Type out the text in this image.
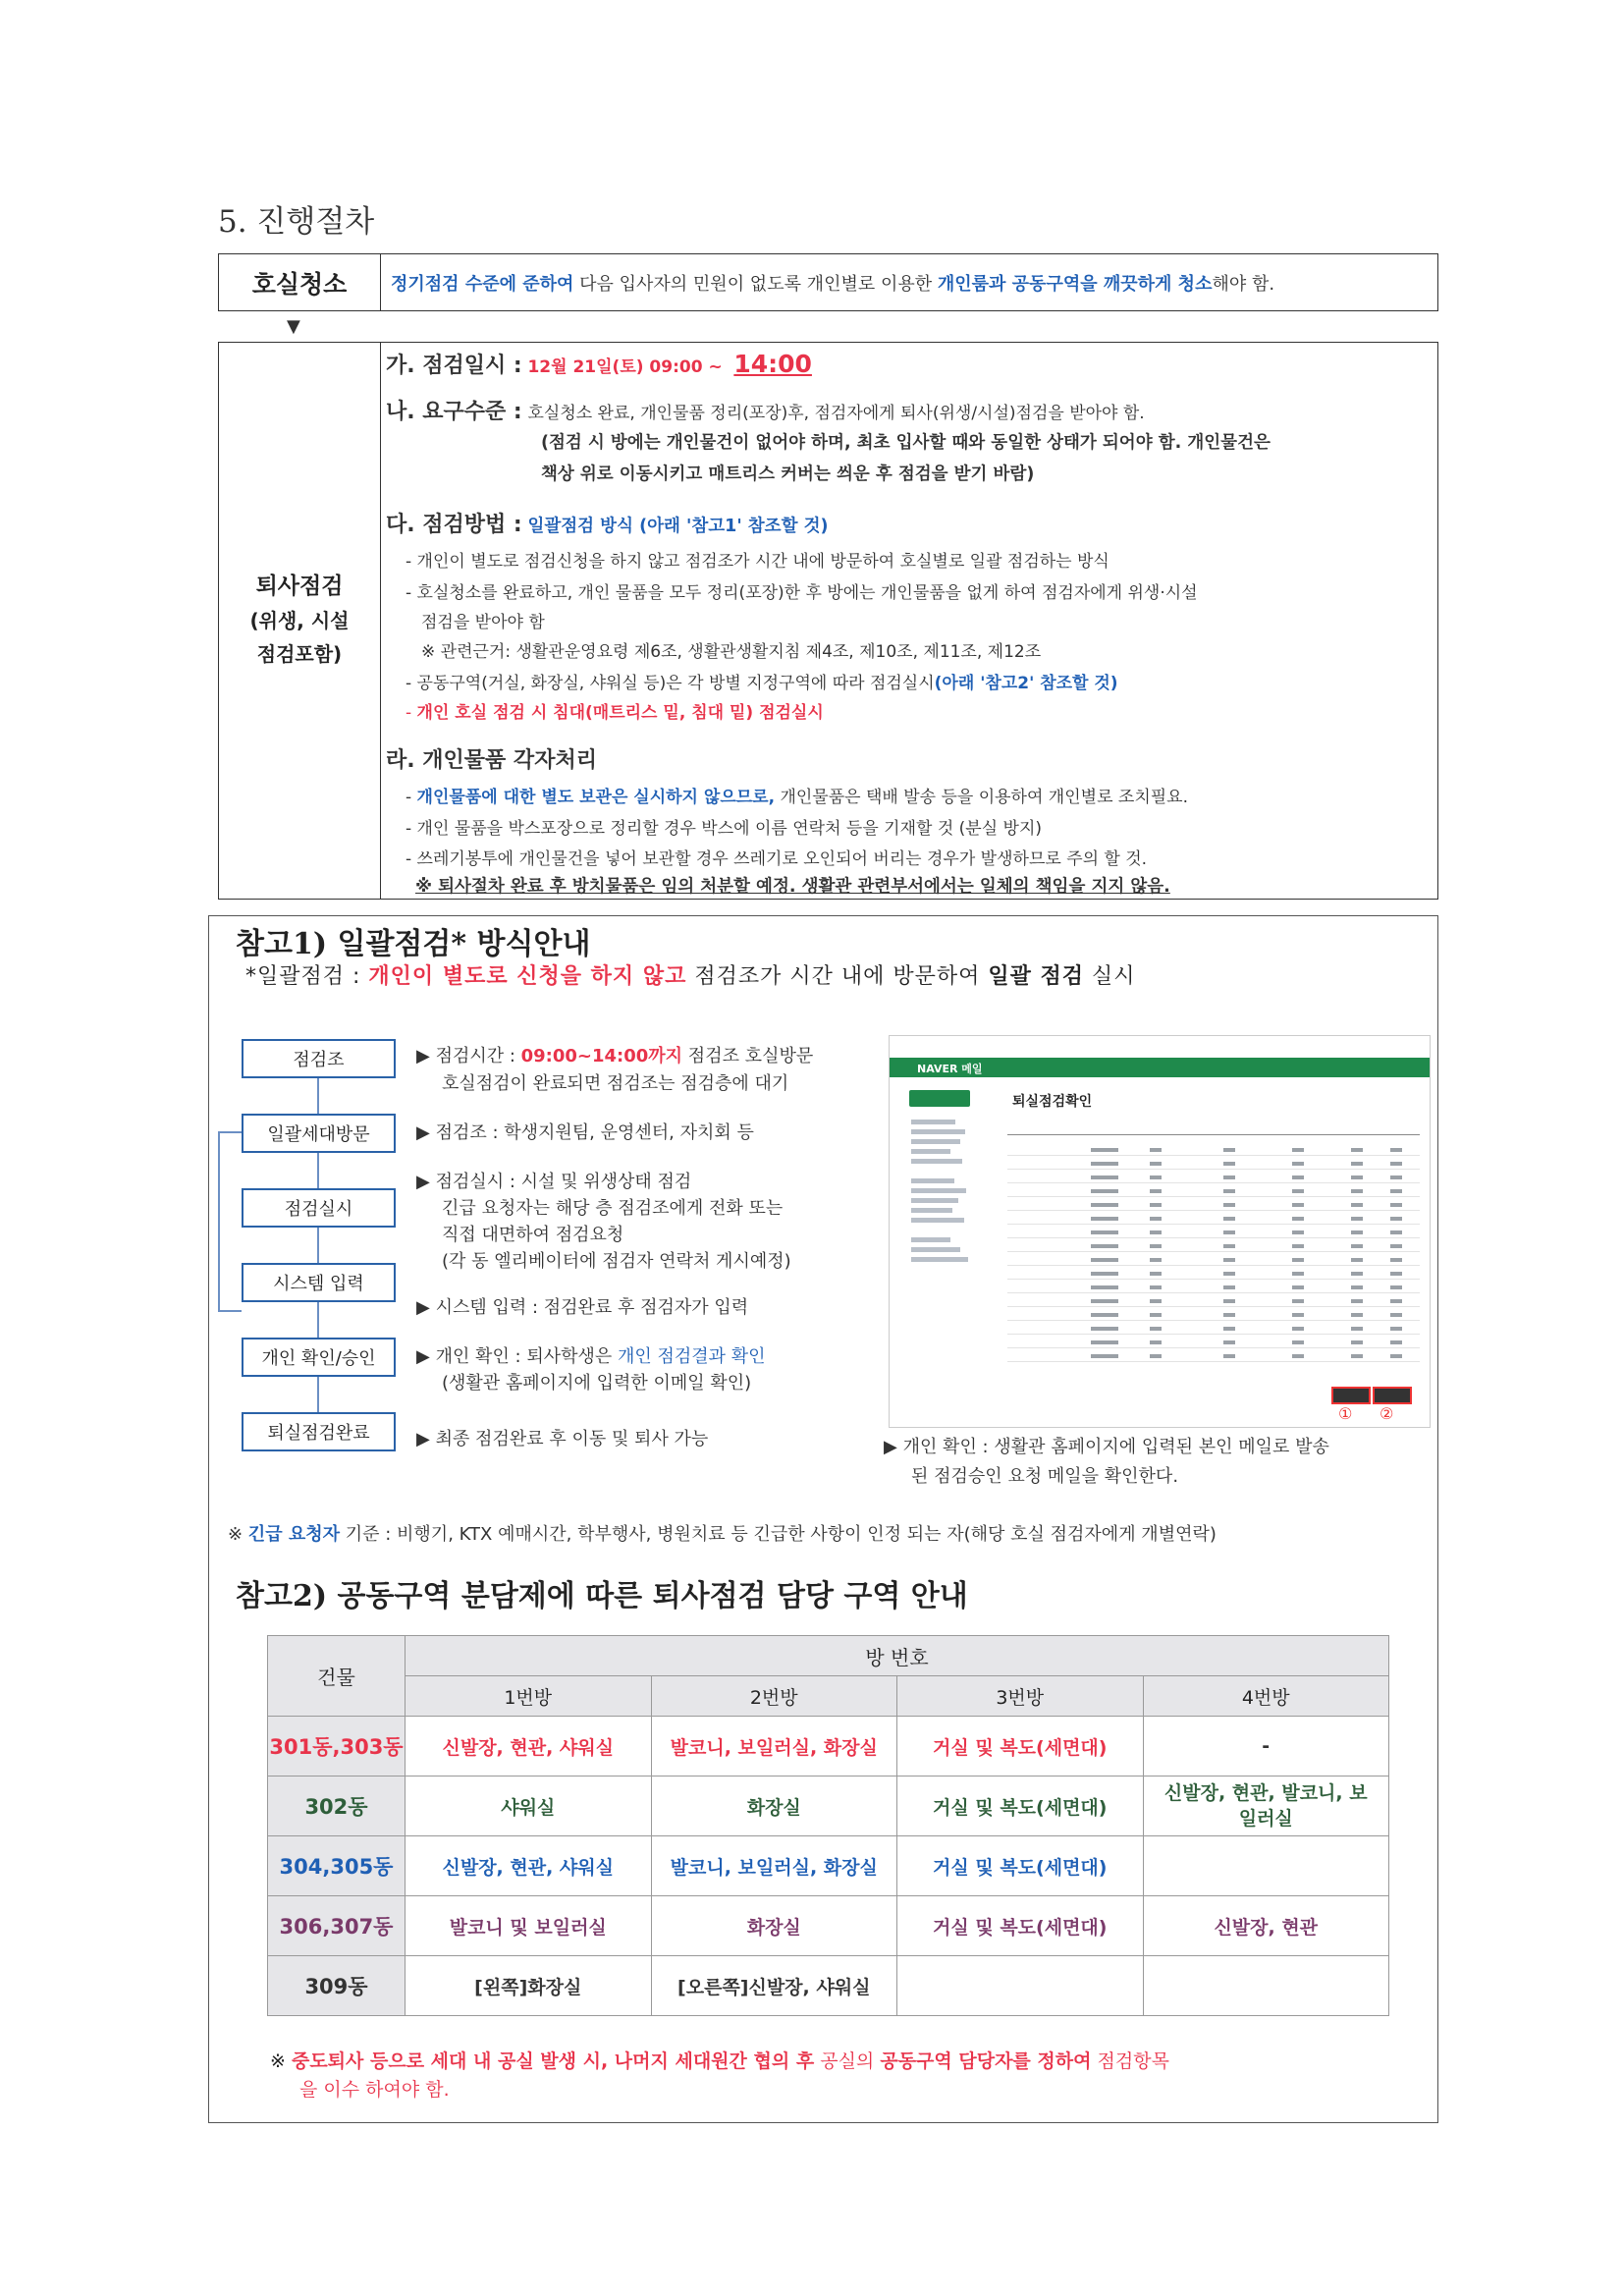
5. 진행절차
호실청소	정기점검 수준에 준하여 다음 입사자의 민원이 없도록 개인별로 이용한 개인룸과 공동구역을 깨끗하게 청소 해야 함.
▼
퇴사점검
(위생, 시설
점검포함)
가. 점검일시 : 12월 21일(토) 09:00 ~  14:00
나. 요구수준 : 호실청소 완료, 개인물품 정리(포장)후, 점검자에게 퇴사(위생/시설)점검을 받아야 함.
(점검 시 방에는 개인물건이 없어야 하며, 최초 입사할 때와 동일한 상태가 되어야 함. 개인물건은
책상 위로 이동시키고 매트리스 커버는 씌운 후 점검을 받기 바람)
다. 점검방법 : 일괄점검 방식 (아래 '참고1' 참조할 것)
- 개인이 별도로 점검신청을 하지 않고 점검조가 시간 내에 방문하여 호실별로 일괄 점검하는 방식
- 호실청소를 완료하고, 개인 물품을 모두 정리(포장)한 후 방에는 개인물품을 없게 하여 점검자에게 위생·시설
점검을 받아야 함
※ 관련근거: 생활관운영요령 제6조, 생활관생활지침 제4조, 제10조, 제11조, 제12조
- 공동구역(거실, 화장실, 샤워실 등)은 각 방별 지정구역에 따라 점검실시(아래 '참고2' 참조할 것)
- 개인 호실 점검 시 침대(매트리스 밑, 침대 밑) 점검실시
라. 개인물품 각자처리
- 개인물품에 대한 별도 보관은 실시하지 않으므로, 개인물품은 택배 발송 등을 이용하여 개인별로 조치필요.
- 개인 물품을 박스포장으로 정리할 경우 박스에 이름 연락처 등을 기재할 것 (분실 방지)
- 쓰레기봉투에 개인물건을 넣어 보관할 경우 쓰레기로 오인되어 버리는 경우가 발생하므로 주의 할 것.
※ 퇴사절차 완료 후 방치물품은 임의 처분할 예정. 생활관 관련부서에서는 일체의 책임을 지지 않음.
참고1) 일괄점검* 방식안내
*일괄점검 : 개인이 별도로 신청을 하지 않고 점검조가 시간 내에 방문하여 일괄 점검 실시
점검조
일괄세대방문
점검실시
시스템 입력
개인 확인/승인
퇴실점검완료
▶ 점검시간 : 09:00~14:00까지 점검조 호실방문
호실점검이 완료되면 점검조는 점검층에 대기
▶ 점검조 : 학생지원팀, 운영센터, 자치회 등
▶ 점검실시 : 시설 및 위생상태 점검
긴급 요청자는 해당 층 점검조에게 전화 또는
직접 대면하여 점검요청
(각 동 엘리베이터에 점검자 연락처 게시예정)
▶ 시스템 입력 : 점검완료 후 점검자가 입력
▶ 개인 확인 : 퇴사학생은 개인 점검결과 확인
(생활관 홈페이지에 입력한 이메일 확인)
▶ 최종 점검완료 후 이동 및 퇴사 가능
NAVER 메일
퇴실점검확인
① ②
▶ 개인 확인 : 생활관 홈페이지에 입력된 본인 메일로 발송
된 점검승인 요청 메일을 확인한다.
※ 긴급 요청자 기준 : 비행기, KTX 예매시간, 학부행사, 병원치료 등 긴급한 사항이 인정 되는 자(해당 호실 점검자에게 개별연락)
참고2) 공동구역 분담제에 따른 퇴사점검 담당 구역 안내
건물	방 번호			
	1번방	2번방	3번방	4번방
301동,303동	신발장, 현관, 샤워실	발코니, 보일러실, 화장실	거실 및 복도(세면대)	-
302동	샤워실	화장실	거실 및 복도(세면대)	신발장, 현관, 발코니, 보일러실
304,305동	신발장, 현관, 샤워실	발코니, 보일러실, 화장실	거실 및 복도(세면대)	
306,307동	발코니 및 보일러실	화장실	거실 및 복도(세면대)	신발장, 현관
309동	[왼쪽]화장실	[오른쪽]신발장, 샤워실		
※ 중도퇴사 등으로 세대 내 공실 발생 시, 나머지 세대원간 협의 후 공실의 공동구역 담당자를 정하여 점검항목
을 이수 하여야 함.
